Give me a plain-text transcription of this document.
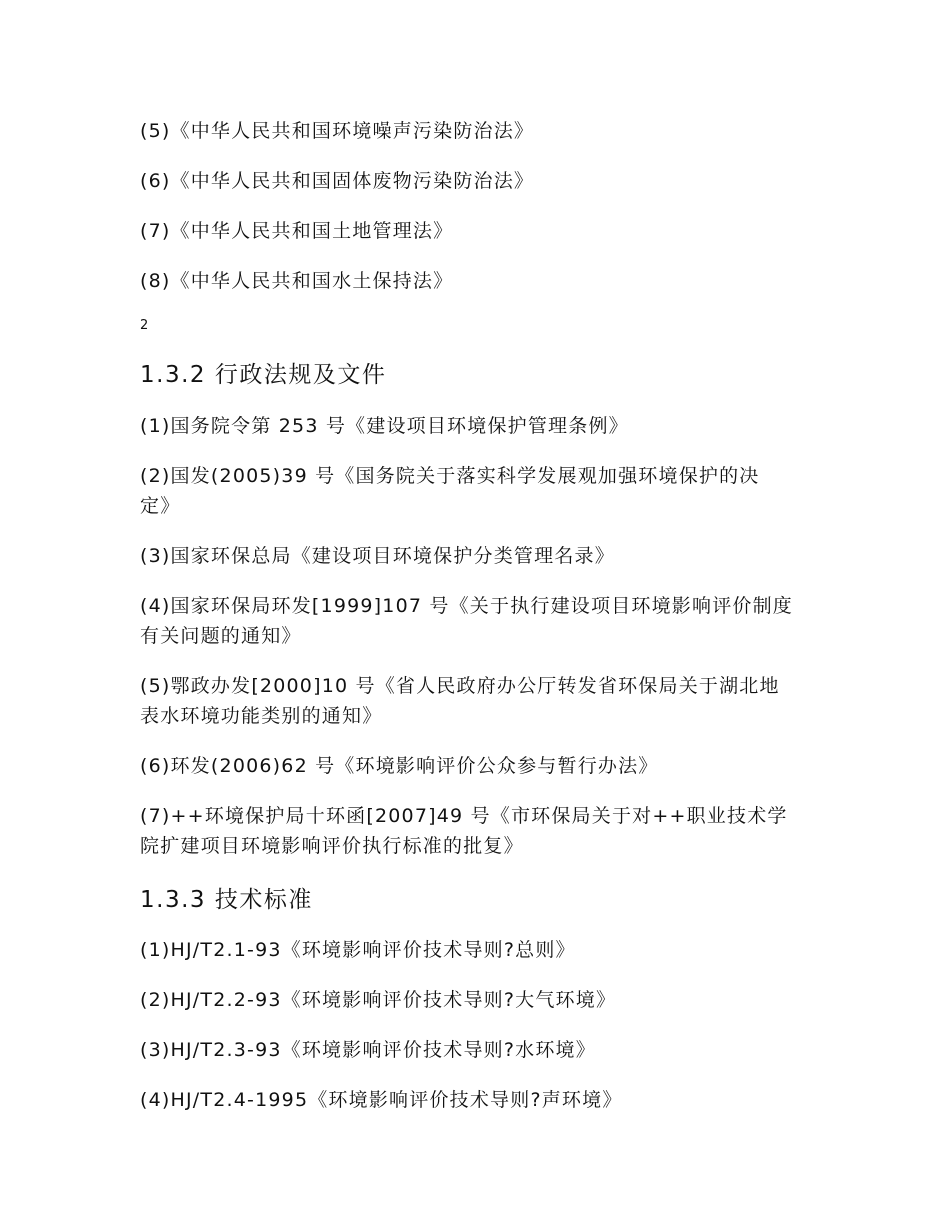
(5)《中华人民共和国环境噪声污染防治法》
(6)《中华人民共和国固体废物污染防治法》
(7)《中华人民共和国土地管理法》
(8)《中华人民共和国水土保持法》
2
1.3.2 行政法规及文件
(1)国务院令第 253 号《建设项目环境保护管理条例》
(2)国发(2005)39 号《国务院关于落实科学发展观加强环境保护的决
定》
(3)国家环保总局《建设项目环境保护分类管理名录》
(4)国家环保局环发[1999]107 号《关于执行建设项目环境影响评价制度
有关问题的通知》
(5)鄂政办发[2000]10 号《省人民政府办公厅转发省环保局关于湖北地
表水环境功能类别的通知》
(6)环发(2006)62 号《环境影响评价公众参与暂行办法》
(7)++环境保护局十环函[2007]49 号《市环保局关于对++职业技术学
院扩建项目环境影响评价执行标准的批复》
1.3.3 技术标准
(1)HJ/T2.1-93《环境影响评价技术导则?总则》
(2)HJ/T2.2-93《环境影响评价技术导则?大气环境》
(3)HJ/T2.3-93《环境影响评价技术导则?水环境》
(4)HJ/T2.4-1995《环境影响评价技术导则?声环境》
